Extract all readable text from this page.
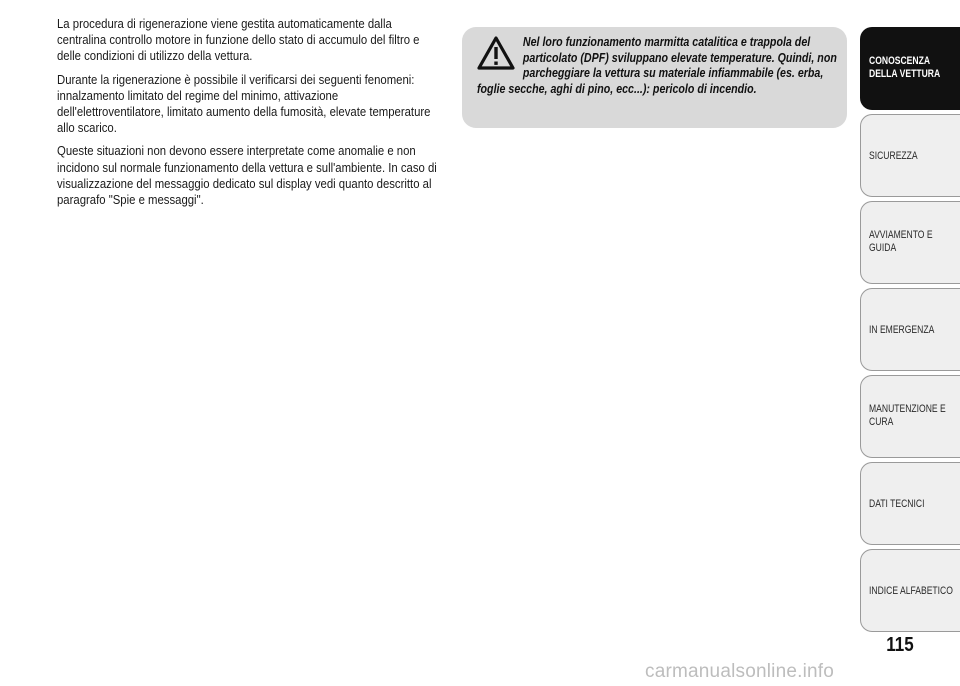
La procedura di rigenerazione viene gestita automaticamente dalla centralina controllo motore in funzione dello stato di accumulo del filtro e delle condizioni di utilizzo della vettura.

Durante la rigenerazione è possibile il verificarsi dei seguenti fenomeni: innalzamento limitato del regime del minimo, attivazione dell'elettroventilatore, limitato aumento della fumosità, elevate temperature allo scarico.

Queste situazioni non devono essere interpretate come anomalie e non incidono sul normale funzionamento della vettura e sull'ambiente. In caso di visualizzazione del messaggio dedicato sul display vedi quanto descritto al paragrafo "Spie e messaggi".

Nel loro funzionamento marmitta catalitica e trappola del particolato (DPF) sviluppano elevate temperature. Quindi, non parcheggiare la vettura su materiale infiammabile (es. erba, foglie secche, aghi di pino, ecc...): pericolo di incendio.

CONOSCENZA DELLA VETTURA
SICUREZZA
AVVIAMENTO E GUIDA
IN EMERGENZA
MANUTENZIONE E CURA
DATI TECNICI
INDICE ALFABETICO
115
carmanualsonline.info
